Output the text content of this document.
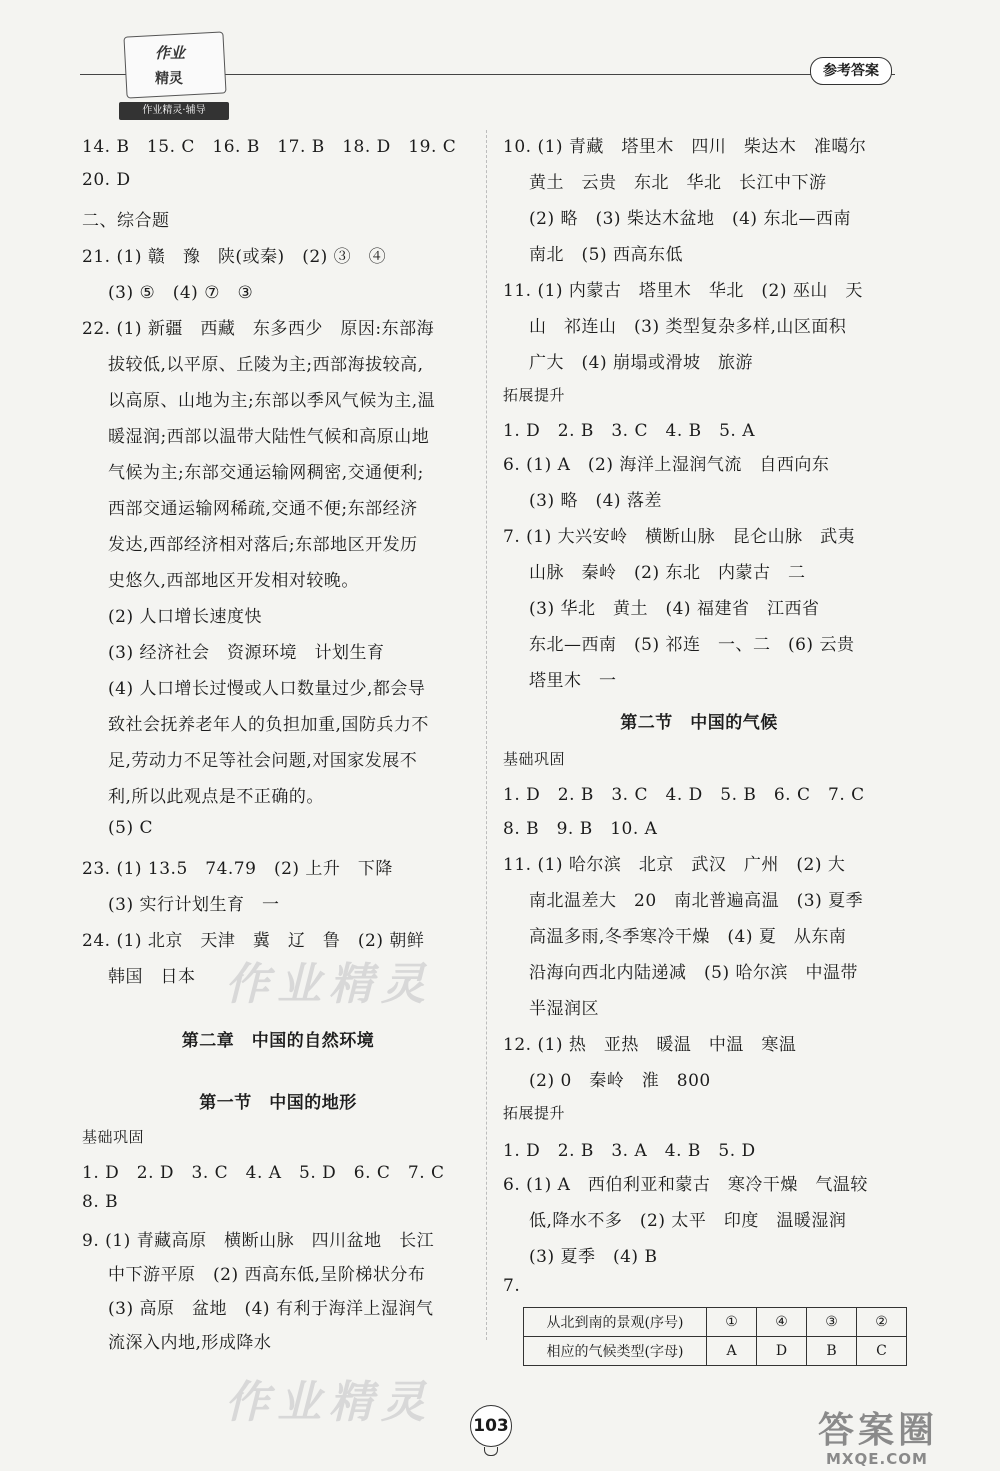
作业
精灵
作业精灵·辅导
参考答案
14. B　15. C　16. B　17. B　18. D　19. C
20. D
二、综合题
21. (1) 赣　豫　陕(或秦)　(2) ③　④
(3) ⑤　(4) ⑦　③
22. (1) 新疆　西藏　东多西少　原因:东部海
拔较低,以平原、丘陵为主;西部海拔较高,
以高原、山地为主;东部以季风气候为主,温
暖湿润;西部以温带大陆性气候和高原山地
气候为主;东部交通运输网稠密,交通便利;
西部交通运输网稀疏,交通不便;东部经济
发达,西部经济相对落后;东部地区开发历
史悠久,西部地区开发相对较晚。
(2) 人口增长速度快
(3) 经济社会　资源环境　计划生育
(4) 人口增长过慢或人口数量过少,都会导
致社会抚养老年人的负担加重,国防兵力不
足,劳动力不足等社会问题,对国家发展不
利,所以此观点是不正确的。
(5) C
23. (1) 13.5　74.79　(2) 上升　下降
(3) 实行计划生育　一
24. (1) 北京　天津　冀　辽　鲁　(2) 朝鲜
韩国　日本
第二章　中国的自然环境
第一节　中国的地形
基础巩固
1. D　2. D　3. C　4. A　5. D　6. C　7. C
8. B
9. (1) 青藏高原　横断山脉　四川盆地　长江
中下游平原　(2) 西高东低,呈阶梯状分布
(3) 高原　盆地　(4) 有利于海洋上湿润气
流深入内地,形成降水
10. (1) 青藏　塔里木　四川　柴达木　准噶尔
黄土　云贵　东北　华北　长江中下游
(2) 略　(3) 柴达木盆地　(4) 东北—西南
南北　(5) 西高东低
11. (1) 内蒙古　塔里木　华北　(2) 巫山　天
山　祁连山　(3) 类型复杂多样,山区面积
广大　(4) 崩塌或滑坡　旅游
拓展提升
1. D　2. B　3. C　4. B　5. A
6. (1) A　(2) 海洋上湿润气流　自西向东
(3) 略　(4) 落差
7. (1) 大兴安岭　横断山脉　昆仑山脉　武夷
山脉　秦岭　(2) 东北　内蒙古　二
(3) 华北　黄土　(4) 福建省　江西省
东北—西南　(5) 祁连　一、二　(6) 云贵
塔里木　一
第二节　中国的气候
基础巩固
1. D　2. B　3. C　4. D　5. B　6. C　7. C
8. B　9. B　10. A
11. (1) 哈尔滨　北京　武汉　广州　(2) 大
南北温差大　20　南北普遍高温　(3) 夏季
高温多雨,冬季寒冷干燥　(4) 夏　从东南
沿海向西北内陆递减　(5) 哈尔滨　中温带
半湿润区
12. (1) 热　亚热　暖温　中温　寒温
(2) 0　秦岭　淮　800
拓展提升
1. D　2. B　3. A　4. B　5. D
6. (1) A　西伯利亚和蒙古　寒冷干燥　气温较
低,降水不多　(2) 太平　印度　温暖湿润
(3) 夏季　(4) B
7.
从北到南的景观(序号)	①	④	③	②
相应的气候类型(字母)	A	D	B	C
作业精灵
作业精灵 103	答案圈
MXQE.COM
